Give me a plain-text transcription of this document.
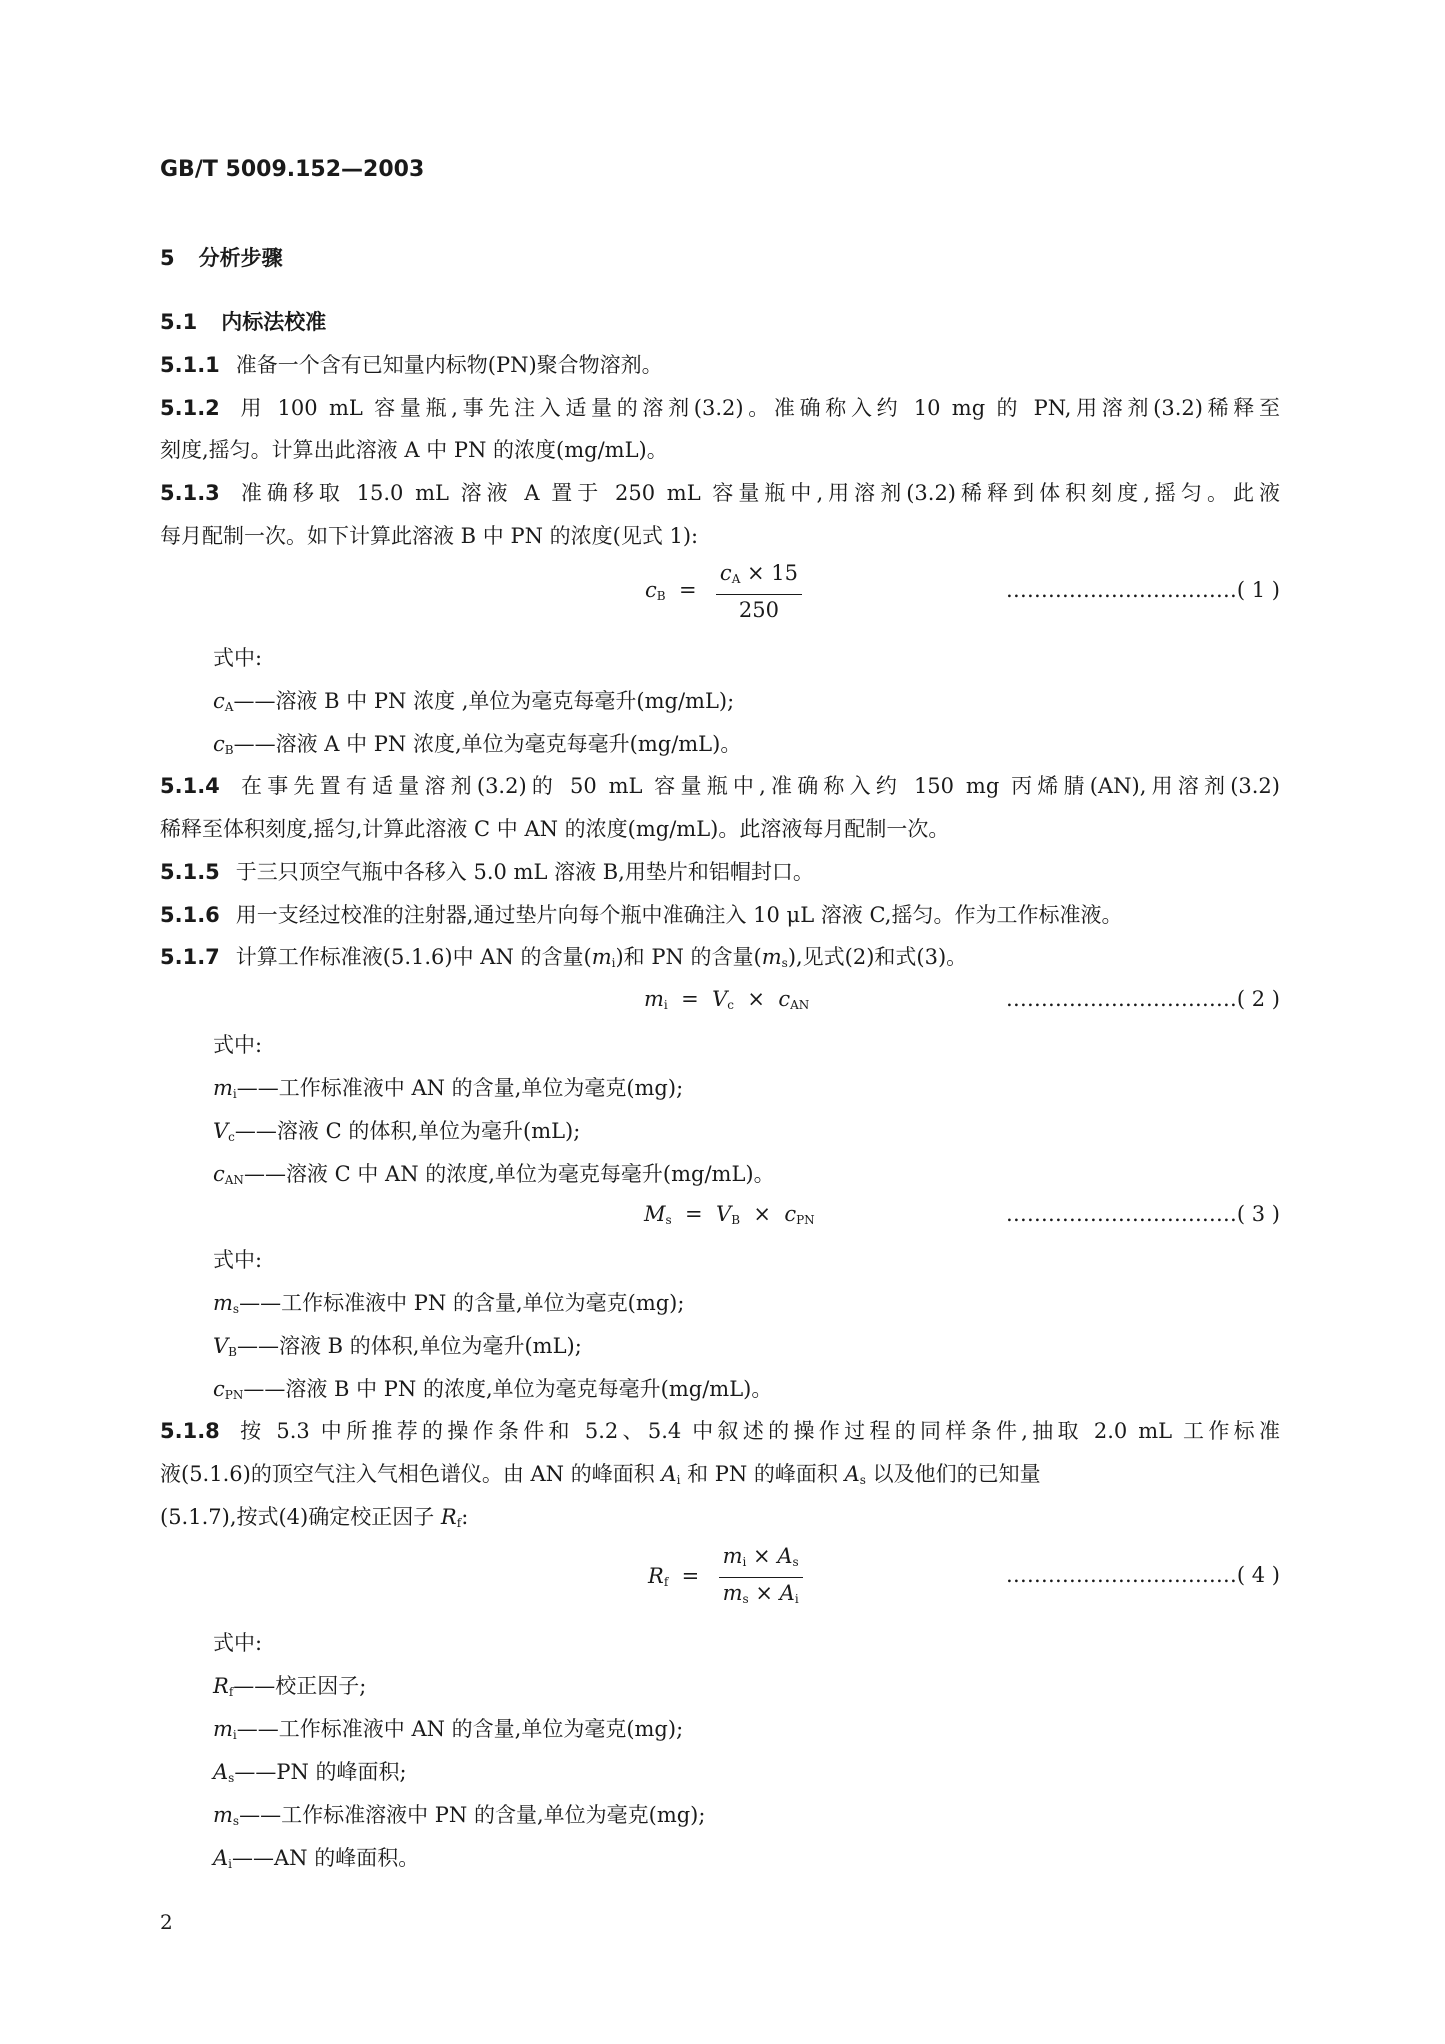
GB/T 5009.152—2003
5 分析步骤
5.1 内标法校准
5.1.1 准备一个含有已知量内标物(PN)聚合物溶剂。
5.1.2 用 100 mL 容量瓶,事先注入适量的溶剂(3.2)。准确称入约 10 mg 的 PN,用溶剂(3.2)稀释至
刻度,摇匀。计算出此溶液 A 中 PN 的浓度(mg/mL)。
5.1.3 准确移取 15.0 mL 溶液 A 置于 250 mL 容量瓶中,用溶剂(3.2)稀释到体积刻度,摇匀。此液
每月配制一次。如下计算此溶液 B 中 PN 的浓度(见式 1):
$c_B = \frac{c_A \times 15}{250}$	……………………………( 1 )
式中:
$c_A——$溶液 B 中 PN 浓度 ,单位为毫克每毫升(mg/mL);
$c_B——$溶液 A 中 PN 浓度,单位为毫克每毫升(mg/mL)。
5.1.4 在事先置有适量溶剂(3.2)的 50 mL 容量瓶中,准确称入约 150 mg 丙烯腈(AN),用溶剂(3.2)
稀释至体积刻度,摇匀,计算此溶液 C 中 AN 的浓度(mg/mL)。此溶液每月配制一次。
5.1.5 于三只顶空气瓶中各移入 5.0 mL 溶液 B,用垫片和铝帽封口。
5.1.6 用一支经过校准的注射器,通过垫片向每个瓶中准确注入 10 μL 溶液 C,摇匀。作为工作标准液。
5.1.7 计算工作标准液(5.1.6)中 AN 的含量$(m_i)$和 PN 的含量$(m_s)$,见式(2)和式(3)。
$m_i = V_c \times c_{AN}$	……………………………( 2 )
式中:
$m_i——$工作标准液中 AN 的含量,单位为毫克(mg);
$V_c——$溶液 C 的体积,单位为毫升(mL);
$c_{AN}——$溶液 C 中 AN 的浓度,单位为毫克每毫升(mg/mL)。
$M_s = V_B \times c_{PN}$	……………………………( 3 )
式中:
$m_s——$工作标准液中 PN 的含量,单位为毫克(mg);
$V_B——$溶液 B 的体积,单位为毫升(mL);
$c_{PN}——$溶液 B 中 PN 的浓度,单位为毫克每毫升(mg/mL)。
5.1.8 按 5.3 中所推荐的操作条件和 5.2、5.4 中叙述的操作过程的同样条件,抽取 2.0 mL 工作标准
液(5.1.6)的顶空气注入气相色谱仪。由 AN 的峰面积 $A_i$ 和 PN 的峰面积 $A_s$ 以及他们的已知量
(5.1.7),按式(4)确定校正因子 $R_f$:
$R_f = \frac{m_i \times A_s}{m_s \times A_i}$	……………………………( 4 )
式中:
$R_f——$校正因子;
$m_i——$工作标准液中 AN 的含量,单位为毫克(mg);
$A_s——PN$ 的峰面积;
$m_s——$工作标准溶液中 PN 的含量,单位为毫克(mg);
$A_i——AN$ 的峰面积。
2
